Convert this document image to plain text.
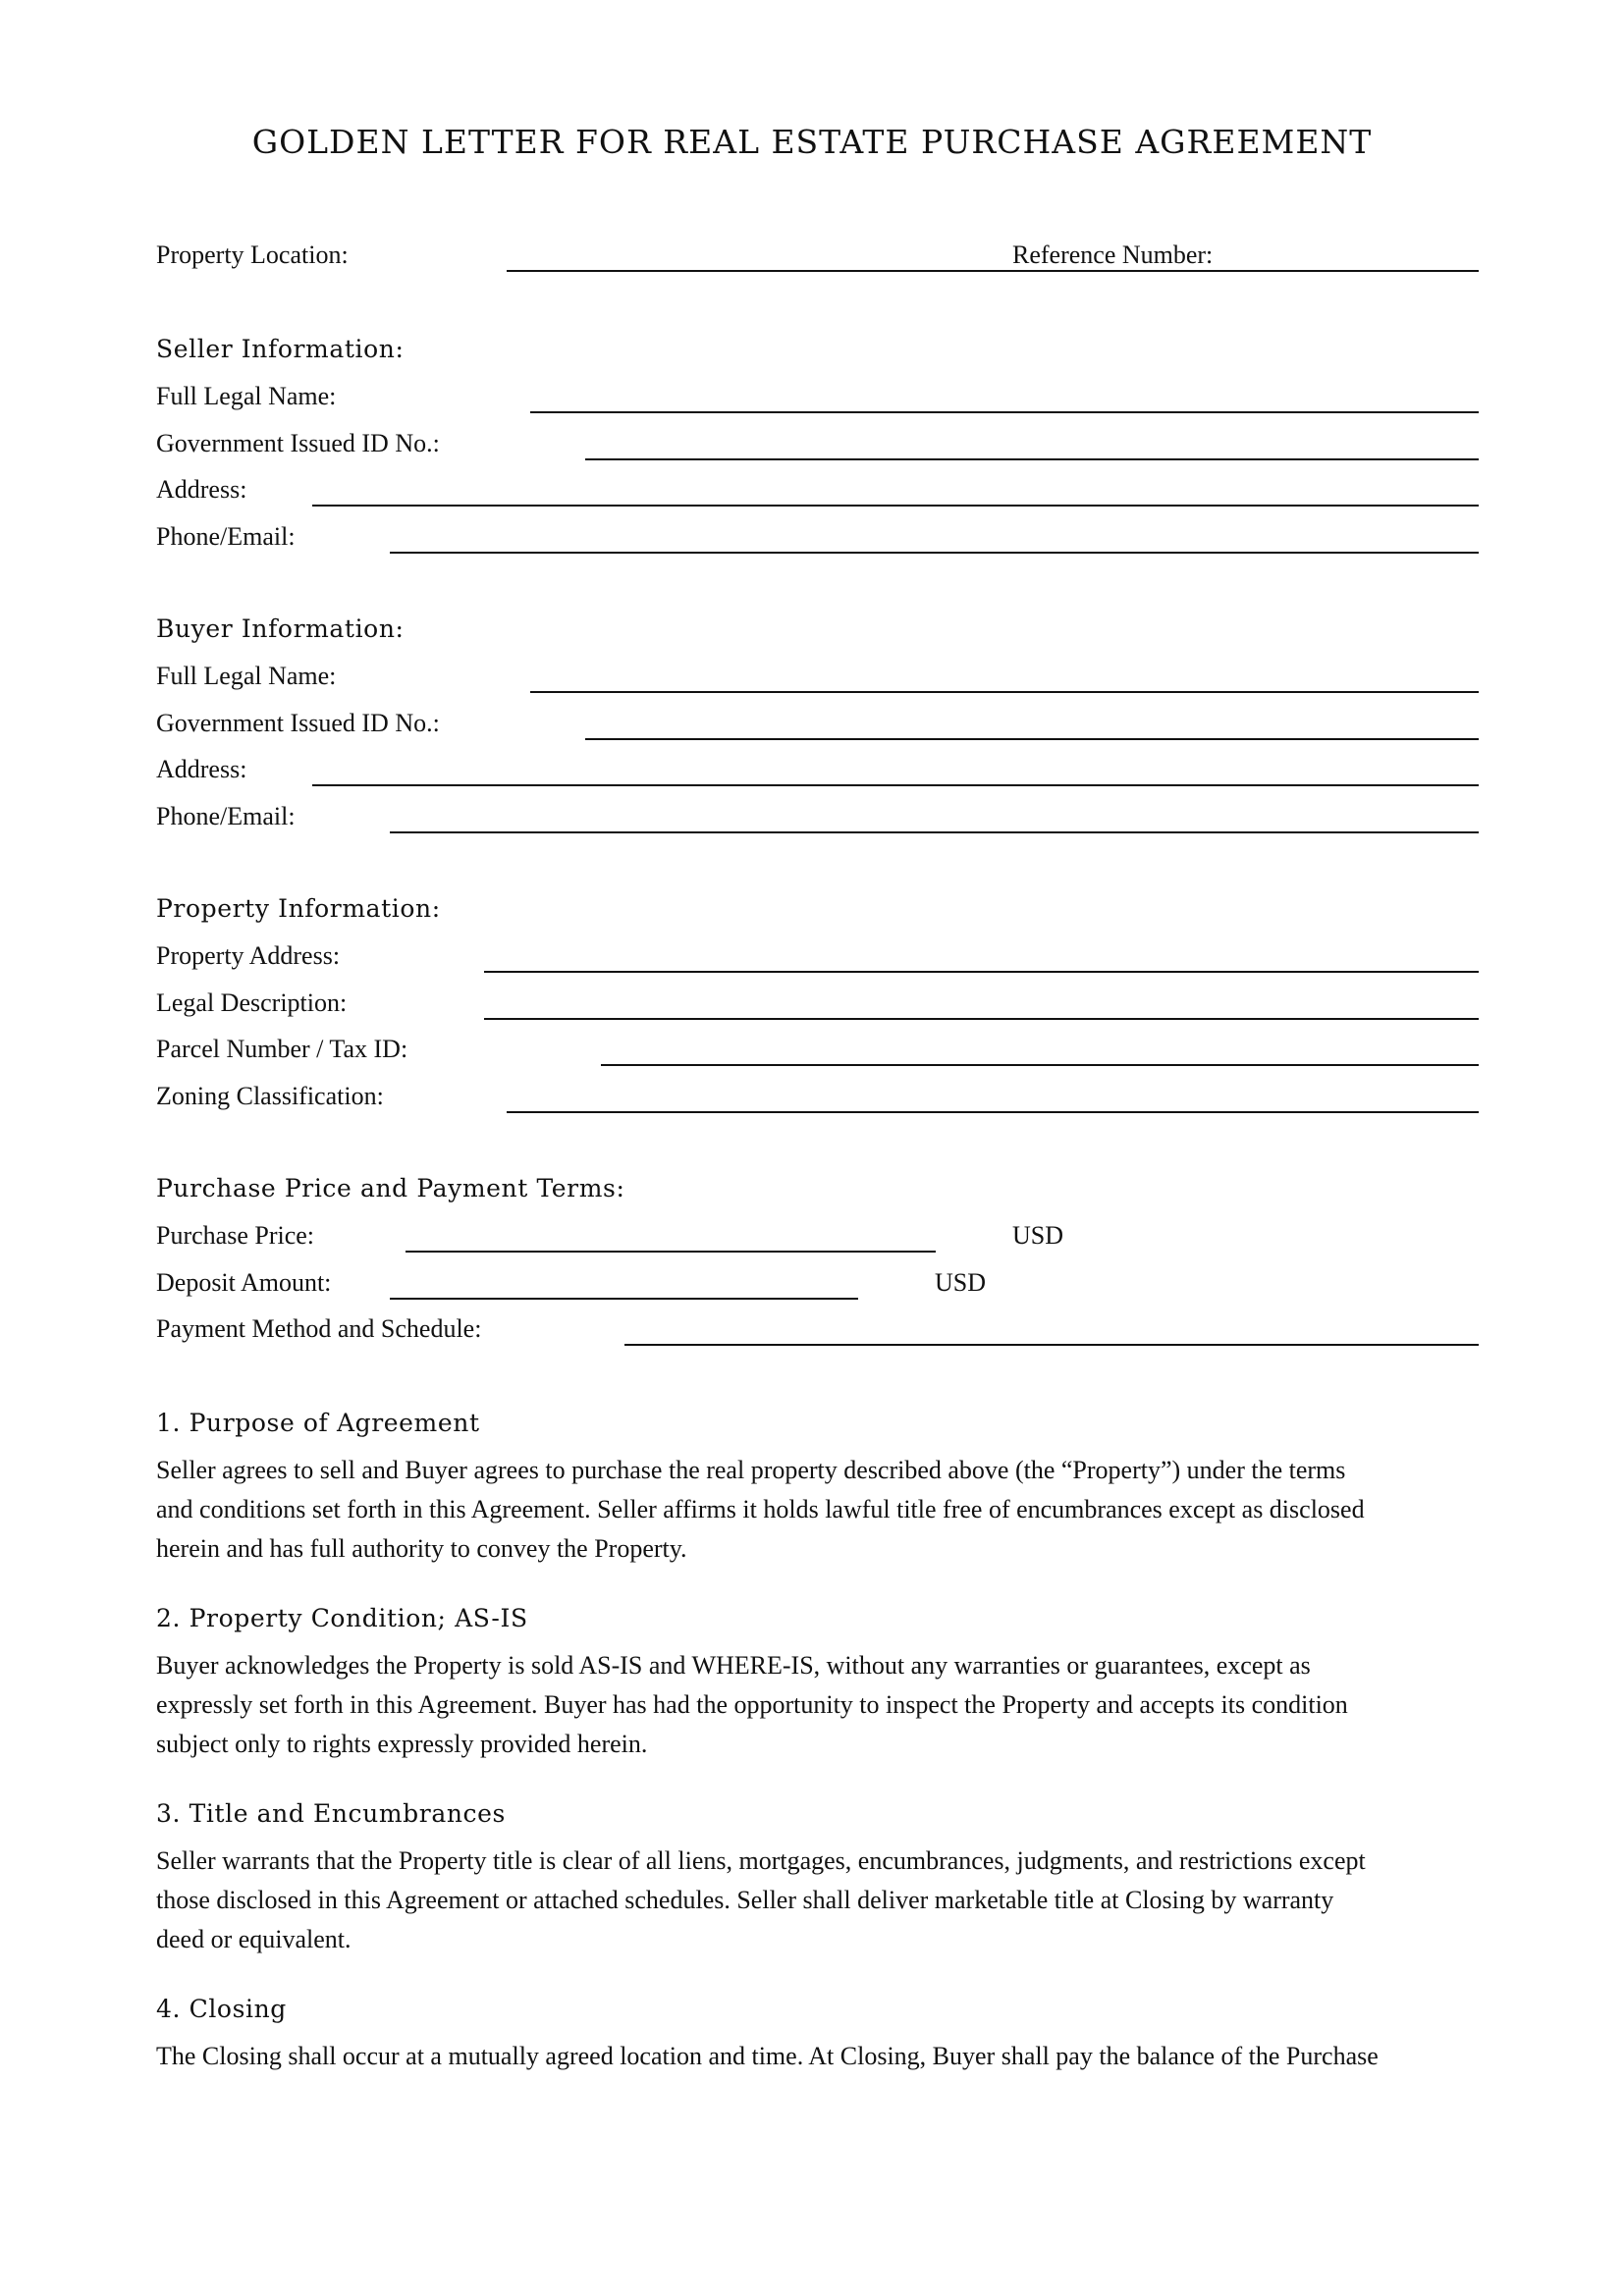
GOLDEN LETTER FOR REAL ESTATE PURCHASE AGREEMENT
Property Location:	Reference Number:
Seller Information:
Full Legal Name:
Government Issued ID No.:
Address:
Phone/Email:
Buyer Information:
Full Legal Name:
Government Issued ID No.:
Address:
Phone/Email:
Property Information:
Property Address:
Legal Description:
Parcel Number / Tax ID:
Zoning Classification:
Purchase Price and Payment Terms:
Purchase Price:	USD
Deposit Amount:	USD
Payment Method and Schedule:
1. Purpose of Agreement
Seller agrees to sell and Buyer agrees to purchase the real property described above (the “Property”) under the terms
and conditions set forth in this Agreement. Seller affirms it holds lawful title free of encumbrances except as disclosed
herein and has full authority to convey the Property.
2. Property Condition; AS-IS
Buyer acknowledges the Property is sold AS-IS and WHERE-IS, without any warranties or guarantees, except as
expressly set forth in this Agreement. Buyer has had the opportunity to inspect the Property and accepts its condition
subject only to rights expressly provided herein.
3. Title and Encumbrances
Seller warrants that the Property title is clear of all liens, mortgages, encumbrances, judgments, and restrictions except
those disclosed in this Agreement or attached schedules. Seller shall deliver marketable title at Closing by warranty
deed or equivalent.
4. Closing
The Closing shall occur at a mutually agreed location and time. At Closing, Buyer shall pay the balance of the Purchase
